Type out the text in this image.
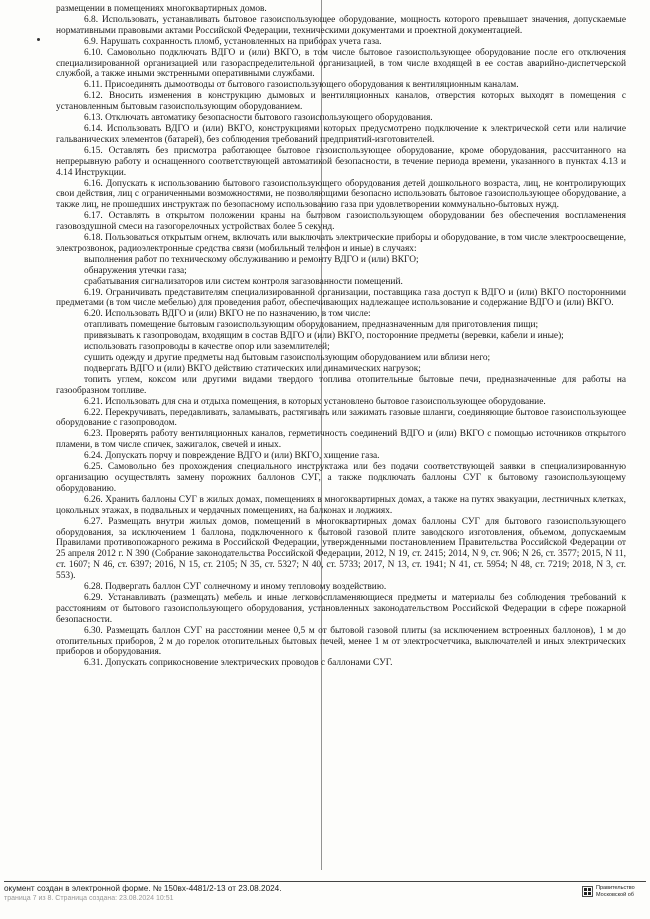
размещении в помещениях многоквартирных домов.

6.8. Использовать, устанавливать бытовое газоиспользующее оборудование, мощность которого превышает значения, допускаемые нормативными правовыми актами Российской Федерации, техническими документами и проектной документацией.

6.9. Нарушать сохранность пломб, установленных на приборах учета газа.

6.10. Самовольно подключать ВДГО и (или) ВКГО, в том числе бытовое газоиспользующее оборудование после его отключения специализированной организацией или газораспределительной организацией, в том числе входящей в ее состав аварийно-диспетчерской службой, а также иными экстренными оперативными службами.

6.11. Присоединять дымоотводы от бытового газоиспользующего оборудования к вентиляционным каналам.

6.12. Вносить изменения в конструкцию дымовых и вентиляционных каналов, отверстия которых выходят в помещения с установленным бытовым газоиспользующим оборудованием.

6.13. Отключать автоматику безопасности бытового газоиспользующего оборудования.

6.14. Использовать ВДГО и (или) ВКГО, конструкциями которых предусмотрено подключение к электрической сети или наличие гальванических элементов (батарей), без соблюдения требований предприятий-изготовителей.

6.15. Оставлять без присмотра работающее бытовое газоиспользующее оборудование, кроме оборудования, рассчитанного на непрерывную работу и оснащенного соответствующей автоматикой безопасности, в течение периода времени, указанного в пунктах 4.13 и 4.14 Инструкции.

6.16. Допускать к использованию бытового газоиспользующего оборудования детей дошкольного возраста, лиц, не контролирующих свои действия, лиц с ограниченными возможностями, не позволяющими безопасно использовать бытовое газоиспользующее оборудование, а также лиц, не прошедших инструктаж по безопасному использованию газа при удовлетворении коммунально-бытовых нужд.

6.17. Оставлять в открытом положении краны на бытовом газоиспользующем оборудовании без обеспечения воспламенения газовоздушной смеси на газогорелочных устройствах более 5 секунд.

6.18. Пользоваться открытым огнем, включать или выключать электрические приборы и оборудование, в том числе электроосвещение, электрозвонок, радиоэлектронные средства связи (мобильный телефон и иные) в случаях:

выполнения работ по техническому обслуживанию и ремонту ВДГО и (или) ВКГО;

обнаружения утечки газа;

срабатывания сигнализаторов или систем контроля загазованности помещений.

6.19. Ограничивать представителям специализированной организации, поставщика газа доступ к ВДГО и (или) ВКГО посторонними предметами (в том числе мебелью) для проведения работ, обеспечивающих надлежащее использование и содержание ВДГО и (или) ВКГО.

6.20. Использовать ВДГО и (или) ВКГО не по назначению, в том числе:

отапливать помещение бытовым газоиспользующим оборудованием, предназначенным для приготовления пищи;

привязывать к газопроводам, входящим в состав ВДГО и (или) ВКГО, посторонние предметы (веревки, кабели и иные);

использовать газопроводы в качестве опор или заземлителей;

сушить одежду и другие предметы над бытовым газоиспользующим оборудованием или вблизи него;

подвергать ВДГО и (или) ВКГО действию статических или динамических нагрузок;

топить углем, коксом или другими видами твердого топлива отопительные бытовые печи, предназначенные для работы на газообразном топливе.

6.21. Использовать для сна и отдыха помещения, в которых установлено бытовое газоиспользующее оборудование.

6.22. Перекручивать, передавливать, заламывать, растягивать или зажимать газовые шланги, соединяющие бытовое газоиспользующее оборудование с газопроводом.

6.23. Проверять работу вентиляционных каналов, герметичность соединений ВДГО и (или) ВКГО с помощью источников открытого пламени, в том числе спичек, зажигалок, свечей и иных.

6.24. Допускать порчу и повреждение ВДГО и (или) ВКГО, хищение газа.

6.25. Самовольно без прохождения специального инструктажа или без подачи соответствующей заявки в специализированную организацию осуществлять замену порожних баллонов СУГ, а также подключать баллоны СУГ к бытовому газоиспользующему оборудованию.

6.26. Хранить баллоны СУГ в жилых домах, помещениях в многоквартирных домах, а также на путях эвакуации, лестничных клетках, цокольных этажах, в подвальных и чердачных помещениях, на балконах и лоджиях.

6.27. Размещать внутри жилых домов, помещений в многоквартирных домах баллоны СУГ для бытового газоиспользующего оборудования, за исключением 1 баллона, подключенного к бытовой газовой плите заводского изготовления, объемом, допускаемым Правилами противопожарного режима в Российской Федерации, утвержденными постановлением Правительства Российской Федерации от 25 апреля 2012 г. N 390 (Собрание законодательства Российской Федерации, 2012, N 19, ст. 2415; 2014, N 9, ст. 906; N 26, ст. 3577; 2015, N 11, ст. 1607; N 46, ст. 6397; 2016, N 15, ст. 2105; N 35, ст. 5327; N 40, ст. 5733; 2017, N 13, ст. 1941; N 41, ст. 5954; N 48, ст. 7219; 2018, N 3, ст. 553).

6.28. Подвергать баллон СУГ солнечному и иному тепловому воздействию.

6.29. Устанавливать (размещать) мебель и иные легковоспламеняющиеся предметы и материалы без соблюдения требований к расстояниям от бытового газоиспользующего оборудования, установленных законодательством Российской Федерации в сфере пожарной безопасности.

6.30. Размещать баллон СУГ на расстоянии менее 0,5 м от бытовой газовой плиты (за исключением встроенных баллонов), 1 м до отопительных приборов, 2 м до горелок отопительных бытовых печей, менее 1 м от электросчетчика, выключателей и иных электрических приборов и оборудования.

6.31. Допускать соприкосновение электрических проводов с баллонами СУГ.

окумент создан в электронной форме. № 150вх-4481/2-13 от 23.08.2024.
траница 7 из 8. Страница создана: 23.08.2024 10:51
Правительство
Московской об
